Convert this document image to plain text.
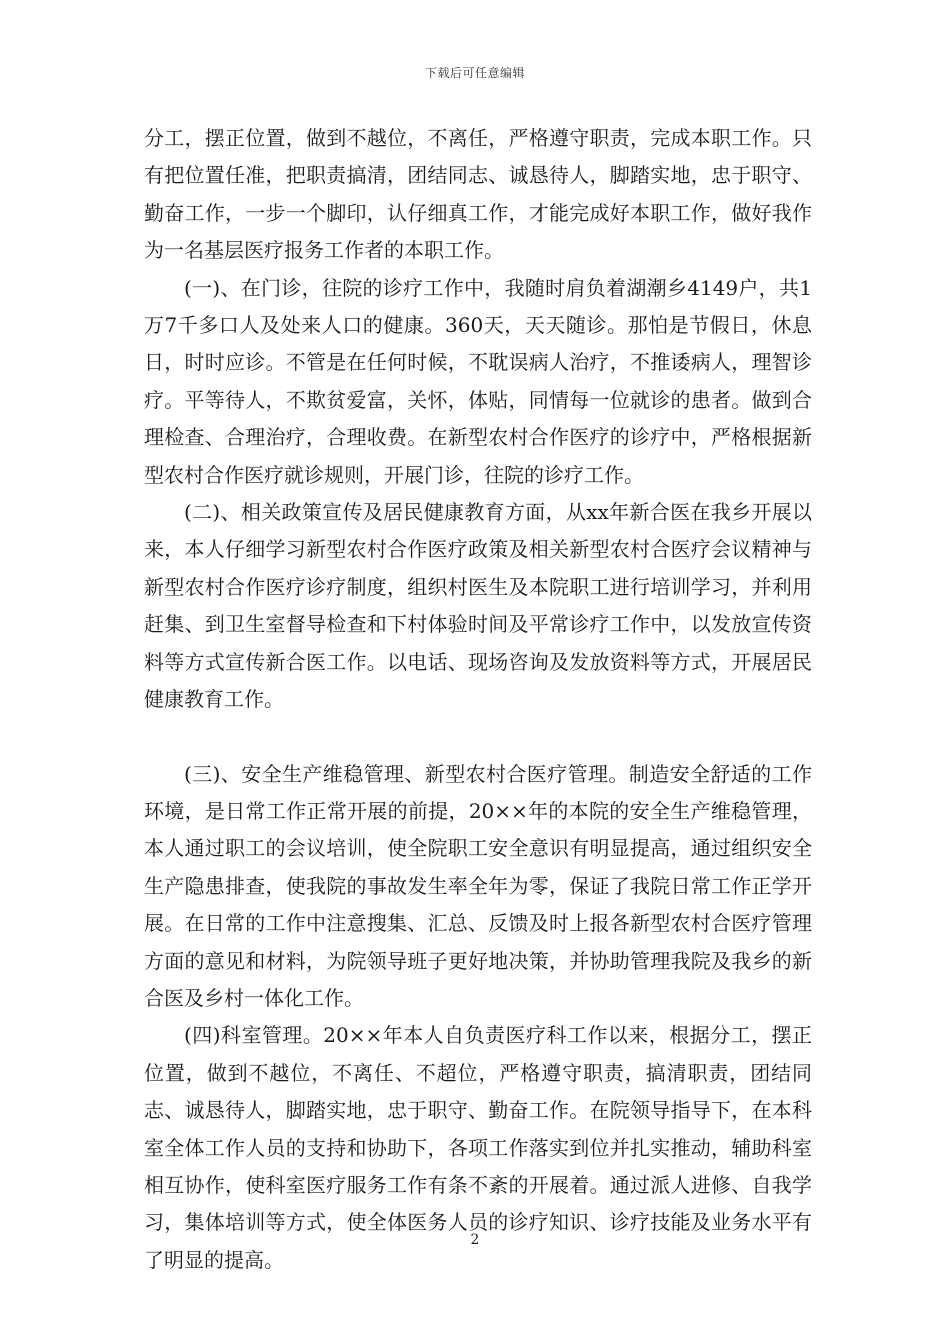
下载后可任意编辑

分工，摆正位置，做到不越位，不离任，严格遵守职责，完成本职工作。只有把位置任准，把职责搞清，团结同志、诚恳待人，脚踏实地，忠于职守、勤奋工作，一步一个脚印，认仔细真工作，才能完成好本职工作，做好我作为一名基层医疗报务工作者的本职工作。

(一)、在门诊，往院的诊疗工作中，我随时肩负着湖潮乡4149户，共1万7千多口人及处来人口的健康。360天，天天随诊。那怕是节假日，休息日，时时应诊。不管是在任何时候，不耽误病人治疗，不推诿病人，理智诊疗。平等待人，不欺贫爱富，关怀，体贴，同情每一位就诊的患者。做到合理检查、合理治疗，合理收费。在新型农村合作医疗的诊疗中，严格根据新型农村合作医疗就诊规则，开展门诊，往院的诊疗工作。

(二)、相关政策宣传及居民健康教育方面，从xx年新合医在我乡开展以来，本人仔细学习新型农村合作医疗政策及相关新型农村合医疗会议精神与新型农村合作医疗诊疗制度，组织村医生及本院职工进行培训学习，并利用赶集、到卫生室督导检查和下村体验时间及平常诊疗工作中，以发放宣传资料等方式宣传新合医工作。以电话、现场咨询及发放资料等方式，开展居民健康教育工作。

(三)、安全生产维稳管理、新型农村合医疗管理。制造安全舒适的工作环境，是日常工作正常开展的前提，20××年的本院的安全生产维稳管理，本人通过职工的会议培训，使全院职工安全意识有明显提高，通过组织安全生产隐患排查，使我院的事故发生率全年为零，保证了我院日常工作正学开展。在日常的工作中注意搜集、汇总、反馈及时上报各新型农村合医疗管理方面的意见和材料，为院领导班子更好地决策，并协助管理我院及我乡的新合医及乡村一体化工作。

(四)科室管理。20××年本人自负责医疗科工作以来，根据分工，摆正位置，做到不越位，不离任、不超位，严格遵守职责，搞清职责，团结同志、诚恳待人，脚踏实地，忠于职守、勤奋工作。在院领导指导下，在本科室全体工作人员的支持和协助下，各项工作落实到位并扎实推动，辅助科室相互协作，使科室医疗服务工作有条不紊的开展着。通过派人进修、自我学习，集体培训等方式，使全体医务人员的诊疗知识、诊疗技能及业务水平有了明显的提高。

2
